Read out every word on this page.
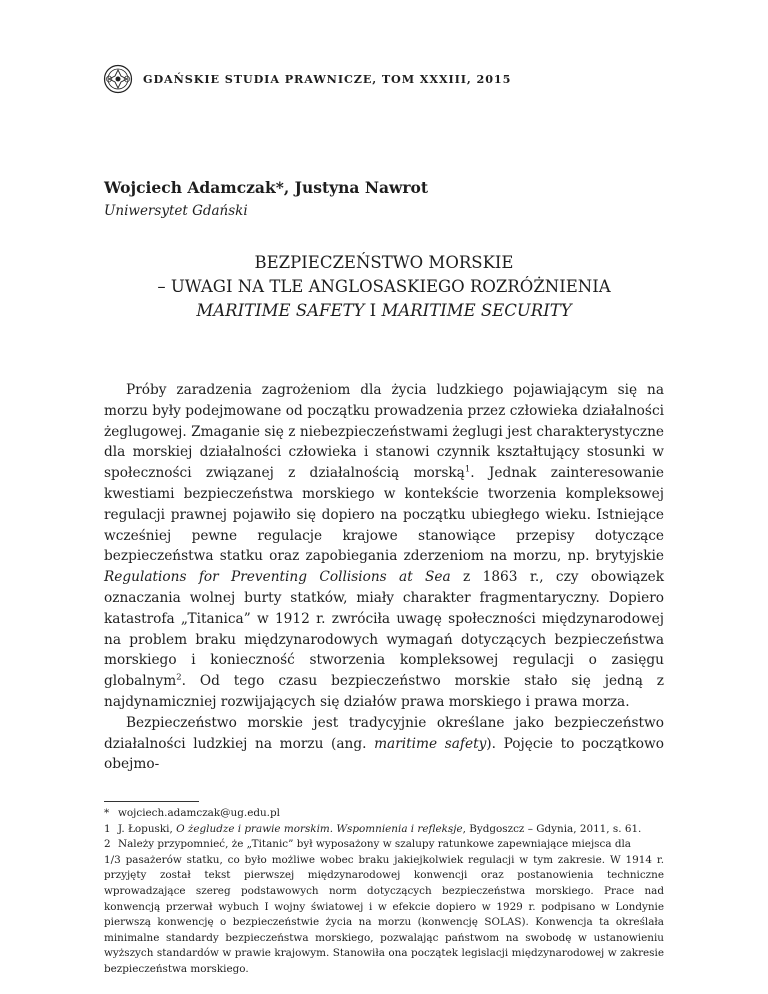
GDAŃSKIE STUDIA PRAWNICZE, TOM XXXIII, 2015
Wojciech Adamczak*, Justyna Nawrot
Uniwersytet Gdański
BEZPIECZEŃSTWO MORSKIE
– UWAGI NA TLE ANGLOSASKIEGO ROZRÓŻNIENIA
MARITIME SAFETY I MARITIME SECURITY

Próby zaradzenia zagrożeniom dla życia ludzkiego pojawiającym się na morzu były podejmowane od początku prowadzenia przez człowieka działalności żeglugowej. Zmaganie się z niebezpieczeństwami żeglugi jest charakterystyczne dla morskiej działalności człowieka i stanowi czynnik kształtujący stosunki w społeczności związanej z działalnością morską$^1$. Jednak zainteresowanie kwestiami bezpieczeństwa morskiego w kontekście tworzenia kompleksowej regulacji prawnej pojawiło się dopiero na początku ubiegłego wieku. Istniejące wcześniej pewne regulacje krajowe stanowiące przepisy dotyczące bezpieczeństwa statku oraz zapobiegania zderzeniom na morzu, np. brytyjskie Regulations for Preventing Collisions at Sea z 1863 r., czy obowiązek oznaczania wolnej burty statków, miały charakter fragmentaryczny. Dopiero katastrofa „Titanica” w 1912 r. zwróciła uwagę społeczności międzynarodowej na problem braku międzynarodowych wymagań dotyczących bezpieczeństwa morskiego i konieczność stworzenia kompleksowej regulacji o zasięgu globalnym$^2$. Od tego czasu bezpieczeństwo morskie stało się jedną z najdynamiczniej rozwijających się działów prawa morskiego i prawa morza.

Bezpieczeństwo morskie jest tradycyjnie określane jako bezpieczeństwo działalności ludzkiej na morzu (ang. maritime safety). Pojęcie to początkowo obejmo-

* wojciech.adamczak@ug.edu.pl

1 J. Łopuski, O żegludze i prawie morskim. Wspomnienia i refleksje, Bydgoszcz – Gdynia, 2011, s. 61.

2 Należy przypomnieć, że „Titanic” był wyposażony w szalupy ratunkowe zapewniające miejsca dla

1/3 pasażerów statku, co było możliwe wobec braku jakiejkolwiek regulacji w tym zakresie. W 1914 r. przyjęty został tekst pierwszej międzynarodowej konwencji oraz postanowienia techniczne wprowadzające szereg podstawowych norm dotyczących bezpieczeństwa morskiego. Prace nad konwencją przerwał wybuch I wojny światowej i w efekcie dopiero w 1929 r. podpisano w Londynie pierwszą konwencję o bezpieczeństwie życia na morzu (konwencję SOLAS). Konwencja ta określała minimalne standardy bezpieczeństwa morskiego, pozwalając państwom na swobodę w ustanowieniu wyższych standardów w prawie krajowym. Stanowiła ona początek legislacji międzynarodowej w zakresie bezpieczeństwa morskiego.
